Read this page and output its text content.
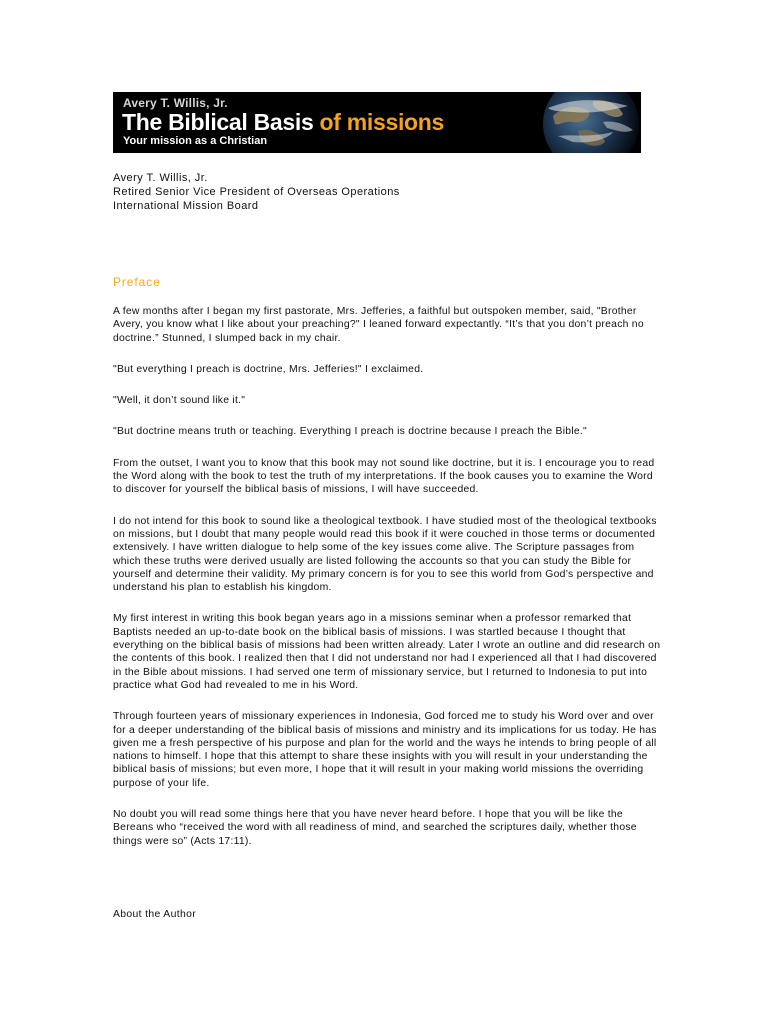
Avery T. Willis, Jr.
The Biblical Basis of missions
Your mission as a Christian
Avery T. Willis, Jr.
Retired Senior Vice President of Overseas Operations
International Mission Board
Preface

A few months after I began my first pastorate, Mrs. Jefferies, a faithful but outspoken member, said, "Brother Avery, you know what I like about your preaching?" I leaned forward expectantly. “It’s that you don’t preach no doctrine.” Stunned, I slumped back in my chair.

"But everything I preach is doctrine, Mrs. Jefferies!" I exclaimed.

"Well, it don’t sound like it."

"But doctrine means truth or teaching. Everything I preach is doctrine because I preach the Bible."

From the outset, I want you to know that this book may not sound like doctrine, but it is. I encourage you to read the Word along with the book to test the truth of my interpretations. If the book causes you to examine the Word to discover for yourself the biblical basis of missions, I will have succeeded.

I do not intend for this book to sound like a theological textbook. I have studied most of the theological textbooks on missions, but I doubt that many people would read this book if it were couched in those terms or documented extensively. I have written dialogue to help some of the key issues come alive. The Scripture passages from which these truths were derived usually are listed following the accounts so that you can study the Bible for yourself and determine their validity. My primary concern is for you to see this world from God’s perspective and understand his plan to establish his kingdom.

My first interest in writing this book began years ago in a missions seminar when a professor remarked that Baptists needed an up-to-date book on the biblical basis of missions. I was startled because I thought that everything on the biblical basis of missions had been written already. Later I wrote an outline and did research on the contents of this book. I realized then that I did not understand nor had I experienced all that I had discovered in the Bible about missions. I had served one term of missionary service, but I returned to Indonesia to put into practice what God had revealed to me in his Word.

Through fourteen years of missionary experiences in Indonesia, God forced me to study his Word over and over for a deeper understanding of the biblical basis of missions and ministry and its implications for us today. He has given me a fresh perspective of his purpose and plan for the world and the ways he intends to bring people of all nations to himself. I hope that this attempt to share these insights with you will result in your understanding the biblical basis of missions; but even more, I hope that it will result in your making world missions the overriding purpose of your life.

No doubt you will read some things here that you have never heard before. I hope that you will be like the Bereans who “received the word with all readiness of mind, and searched the scriptures daily, whether those things were so” (Acts 17:11).

About the Author
